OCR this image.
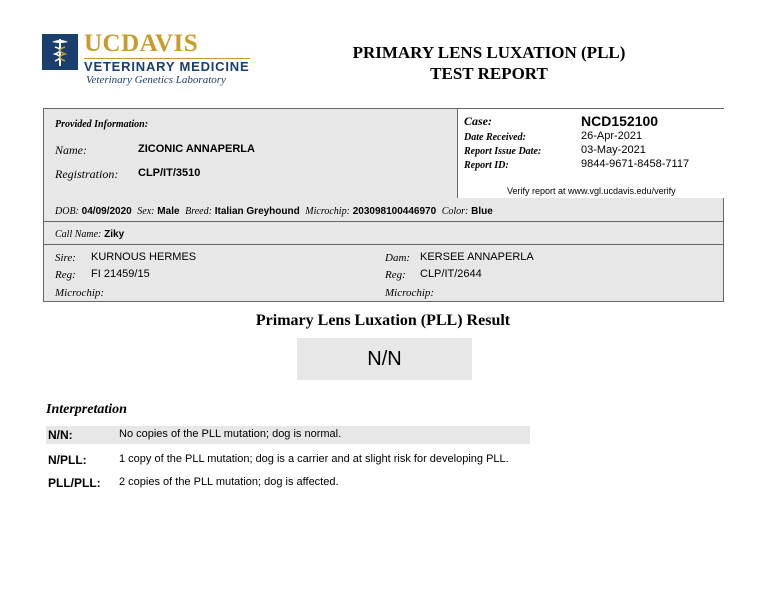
UCDAVIS
VETERINARY MEDICINE
Veterinary Genetics Laboratory
PRIMARY LENS LUXATION (PLL)
TEST REPORT
Provided Information:
Name:	ZICONIC ANNAPERLA
Registration: CLP/IT/3510
Case:	NCD152100
Date Received:	26-Apr-2021
Report Issue Date:	03-May-2021
Report ID:	9844-9671-8458-7117
Verify report at www.vgl.ucdavis.edu/verify
DOB: 04/09/2020 Sex: Male Breed: Italian Greyhound Microchip: 203098100446970 Color: Blue
Call Name: Ziky
Sire: KURNOUS HERMES
Reg: FI 21459/15
Microchip:
Dam: KERSEE ANNAPERLA
Reg: CLP/IT/2644
Microchip:
Primary Lens Luxation (PLL) Result
N/N
Interpretation
N/N:	No copies of the PLL mutation; dog is normal.
N/PLL:	1 copy of the PLL mutation; dog is a carrier and at slight risk for developing PLL.
PLL/PLL: 2 copies of the PLL mutation; dog is affected.
